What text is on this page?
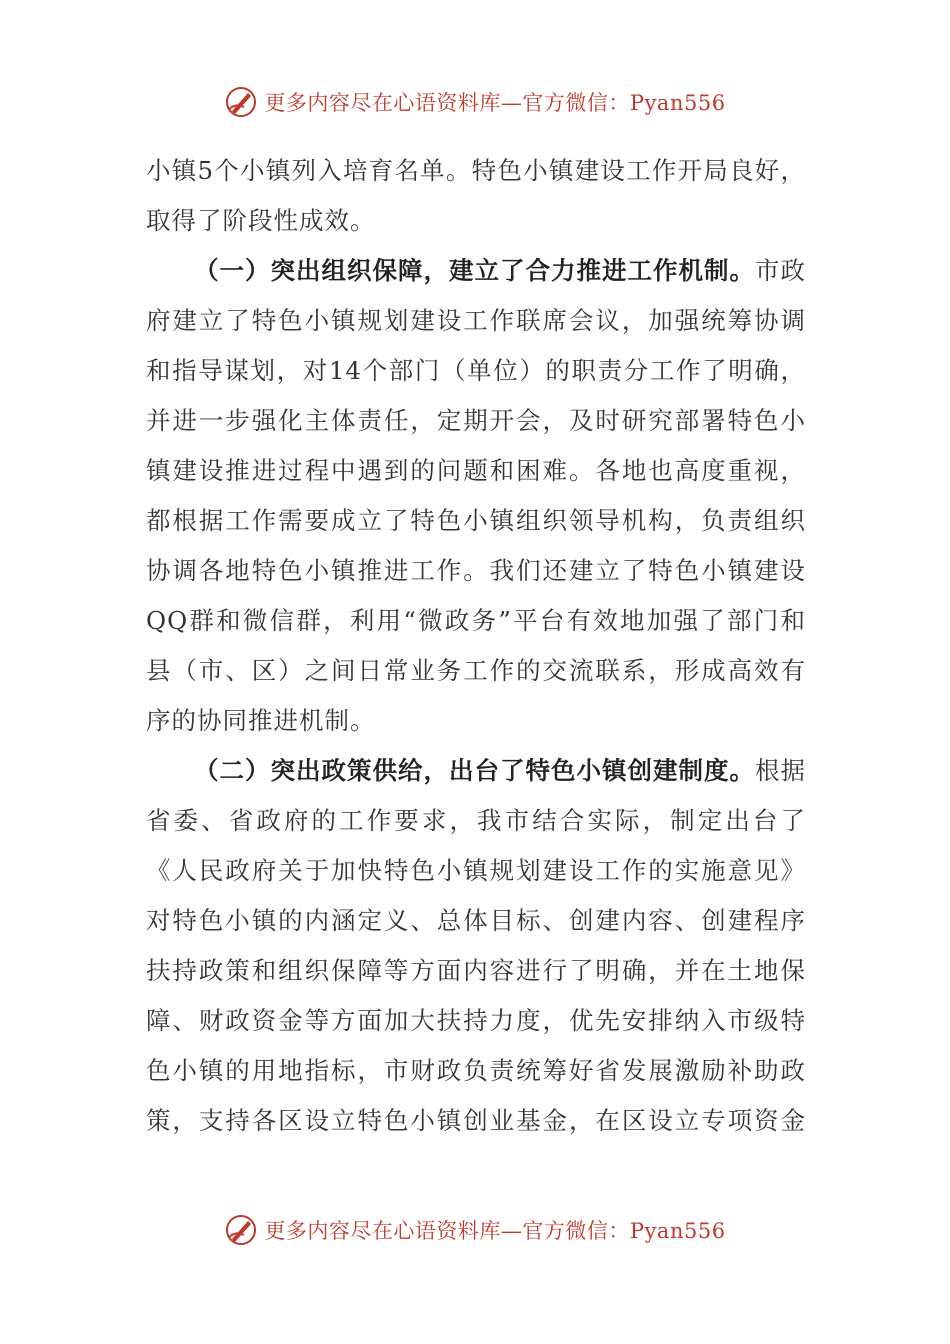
更多内容尽在心语资料库—官方微信：Pyan556
小镇5个小镇列入培育名单。特色小镇建设工作开局良好，
取得了阶段性成效。
（一）突出组织保障，建立了合力推进工作机制。市政
府建立了特色小镇规划建设工作联席会议，加强统筹协调
和指导谋划，对14个部门（单位）的职责分工作了明确，
并进一步强化主体责任，定期开会，及时研究部署特色小
镇建设推进过程中遇到的问题和困难。各地也高度重视，
都根据工作需要成立了特色小镇组织领导机构，负责组织
协调各地特色小镇推进工作。我们还建立了特色小镇建设
QQ群和微信群，利用“微政务”平台有效地加强了部门和
县（市、区）之间日常业务工作的交流联系，形成高效有
序的协同推进机制。
（二）突出政策供给，出台了特色小镇创建制度。根据
省委、省政府的工作要求，我市结合实际，制定出台了
《人民政府关于加快特色小镇规划建设工作的实施意见》
对特色小镇的内涵定义、总体目标、创建内容、创建程序
扶持政策和组织保障等方面内容进行了明确，并在土地保
障、财政资金等方面加大扶持力度，优先安排纳入市级特
色小镇的用地指标，市财政负责统筹好省发展激励补助政
策，支持各区设立特色小镇创业基金，在区设立专项资金
更多内容尽在心语资料库—官方微信：Pyan556
